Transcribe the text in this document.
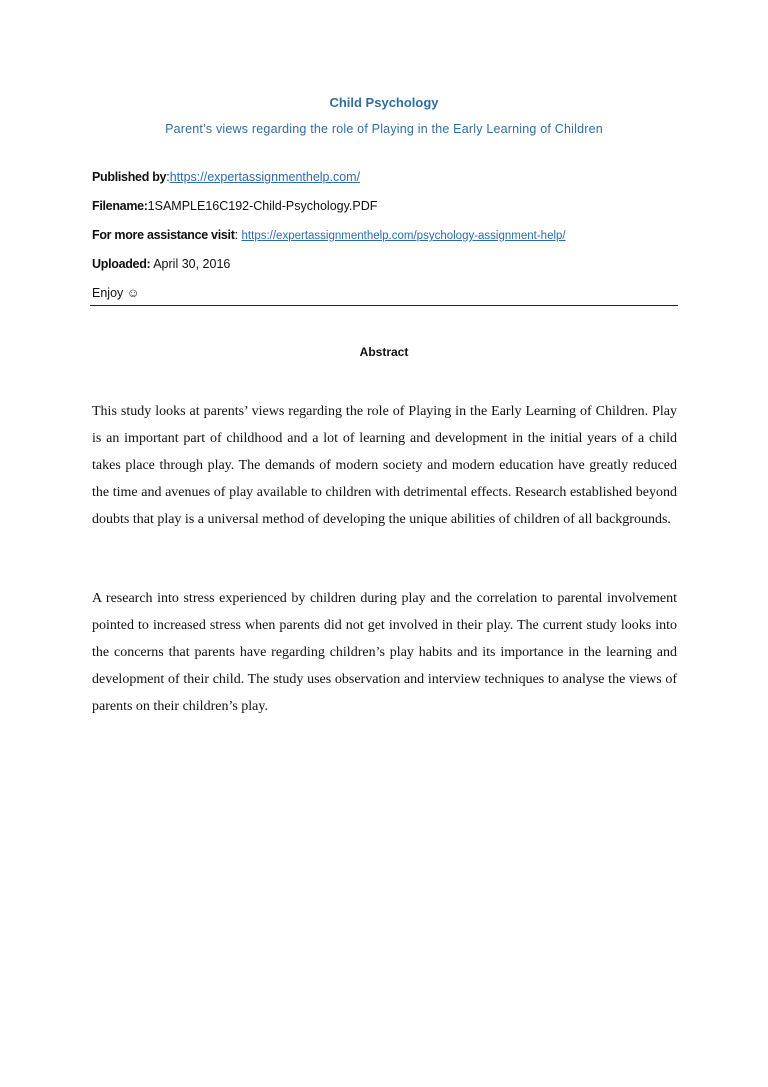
Child Psychology
Parent’s views regarding the role of Playing in the Early Learning of Children
Published by:https://expertassignmenthelp.com/
Filename:1SAMPLE16C192-Child-Psychology.PDF
For more assistance visit: https://expertassignmenthelp.com/psychology-assignment-help/
Uploaded: April 30, 2016
Enjoy ☺
Abstract

This study looks at parents’ views regarding the role of Playing in the Early Learning of Children. Play is an important part of childhood and a lot of learning and development in the initial years of a child takes place through play. The demands of modern society and modern education have greatly reduced the time and avenues of play available to children with detrimental effects. Research established beyond doubts that play is a universal method of developing the unique abilities of children of all backgrounds.

A research into stress experienced by children during play and the correlation to parental involvement pointed to increased stress when parents did not get involved in their play. The current study looks into the concerns that parents have regarding children’s play habits and its importance in the learning and development of their child. The study uses observation and interview techniques to analyse the views of parents on their children’s play.
